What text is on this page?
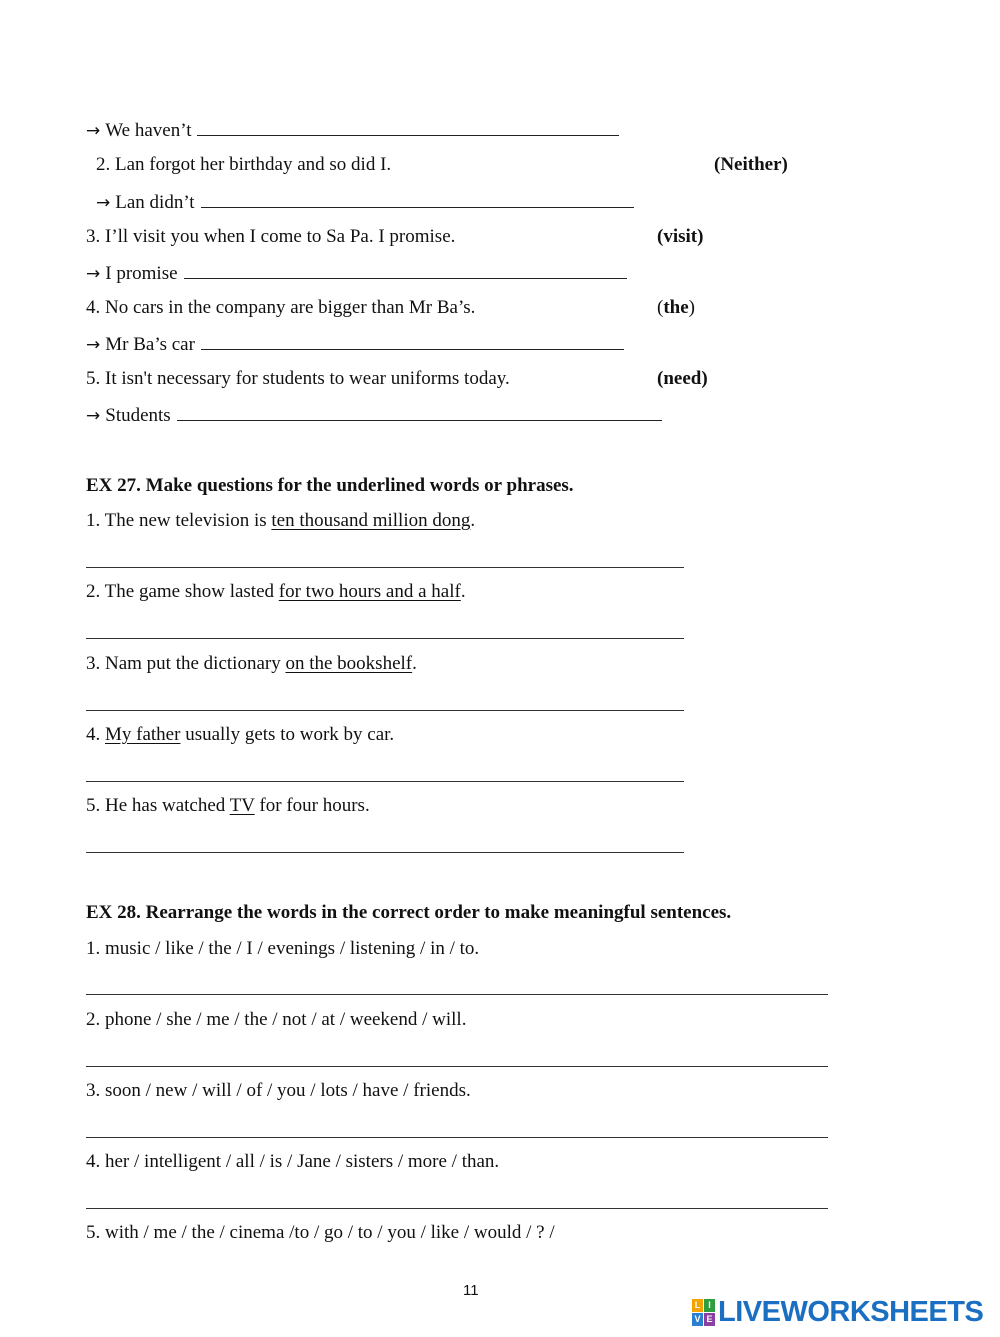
→ We haven’t
2. Lan forgot her birthday and so did I.	(Neither)
→ Lan didn’t
3. I’ll visit you when I come to Sa Pa. I promise.	(visit)
→ I promise
4. No cars in the company are bigger than Mr Ba’s.	(the)
→ Mr Ba’s car
5. It isn't necessary for students to wear uniforms today.	(need)
→ Students
EX 27. Make questions for the underlined words or phrases.
1. The new television is ten thousand million dong.
2. The game show lasted for two hours and a half.
3. Nam put the dictionary on the bookshelf.
4. My father usually gets to work by car.
5. He has watched TV for four hours.
EX 28. Rearrange the words in the correct order to make meaningful sentences.
1. music / like / the / I / evenings / listening / in / to.
2. phone / she / me / the / not / at / weekend / will.
3. soon / new / will / of / you / lots / have / friends.
4. her / intelligent / all / is / Jane / sisters / more / than.
5. with / me / the / cinema /to / go / to / you / like / would / ? /
11
L I
V E LIVEWORKSHEETS
